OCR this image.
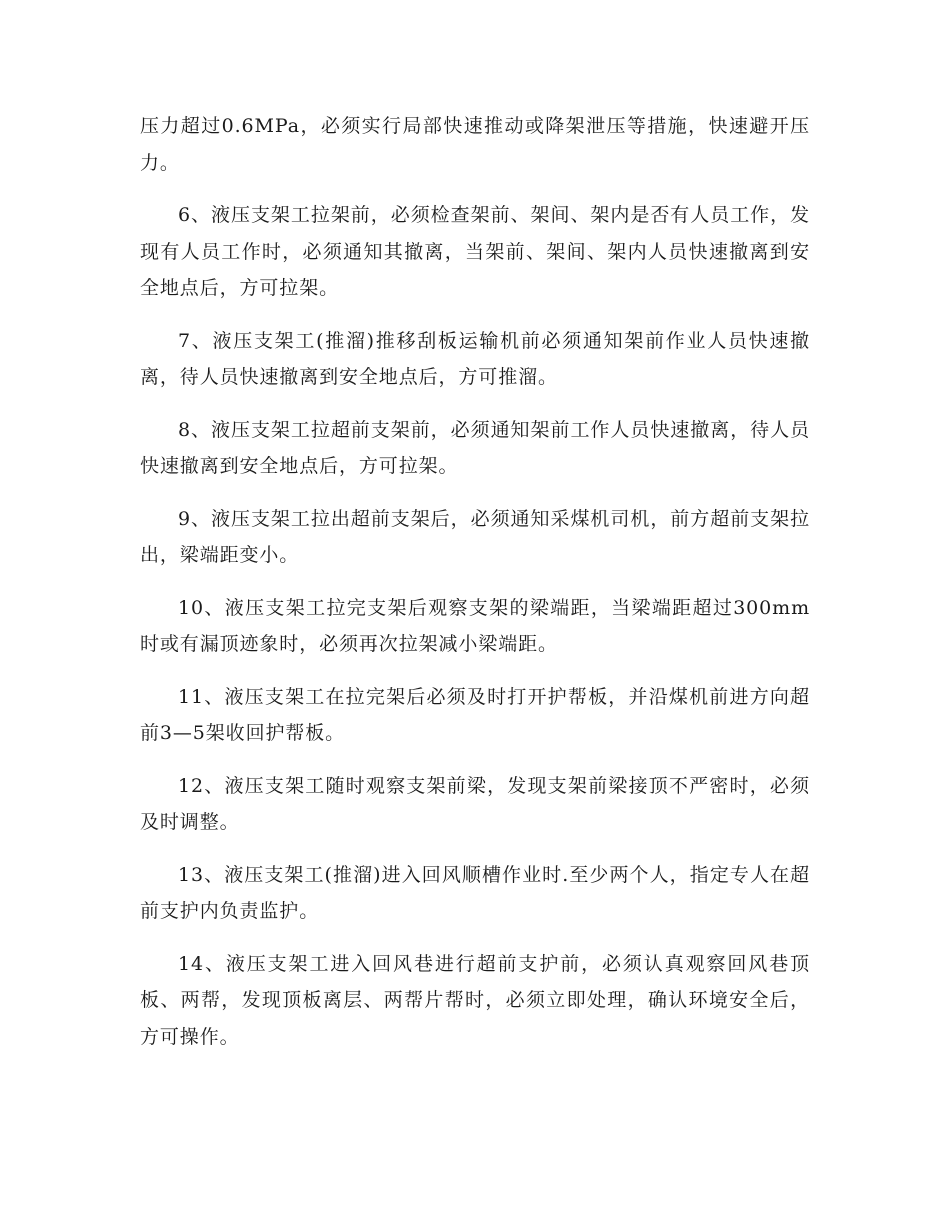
压力超过0.6MPa，必须实行局部快速推动或降架泄压等措施，快速避开压力。

6、液压支架工拉架前，必须检查架前、架间、架内是否有人员工作，发现有人员工作时，必须通知其撤离，当架前、架间、架内人员快速撤离到安全地点后，方可拉架。

7、液压支架工(推溜)推移刮板运输机前必须通知架前作业人员快速撤离，待人员快速撤离到安全地点后，方可推溜。

8、液压支架工拉超前支架前，必须通知架前工作人员快速撤离，待人员快速撤离到安全地点后，方可拉架。

9、液压支架工拉出超前支架后，必须通知采煤机司机，前方超前支架拉出，梁端距变小。

10、液压支架工拉完支架后观察支架的梁端距，当梁端距超过300mm时或有漏顶迹象时，必须再次拉架减小梁端距。

11、液压支架工在拉完架后必须及时打开护帮板，并沿煤机前进方向超前3—5架收回护帮板。

12、液压支架工随时观察支架前梁，发现支架前梁接顶不严密时，必须及时调整。

13、液压支架工(推溜)进入回风顺槽作业时.至少两个人，指定专人在超前支护内负责监护。

14、液压支架工进入回风巷进行超前支护前，必须认真观察回风巷顶板、两帮，发现顶板离层、两帮片帮时，必须立即处理，确认环境安全后，方可操作。
